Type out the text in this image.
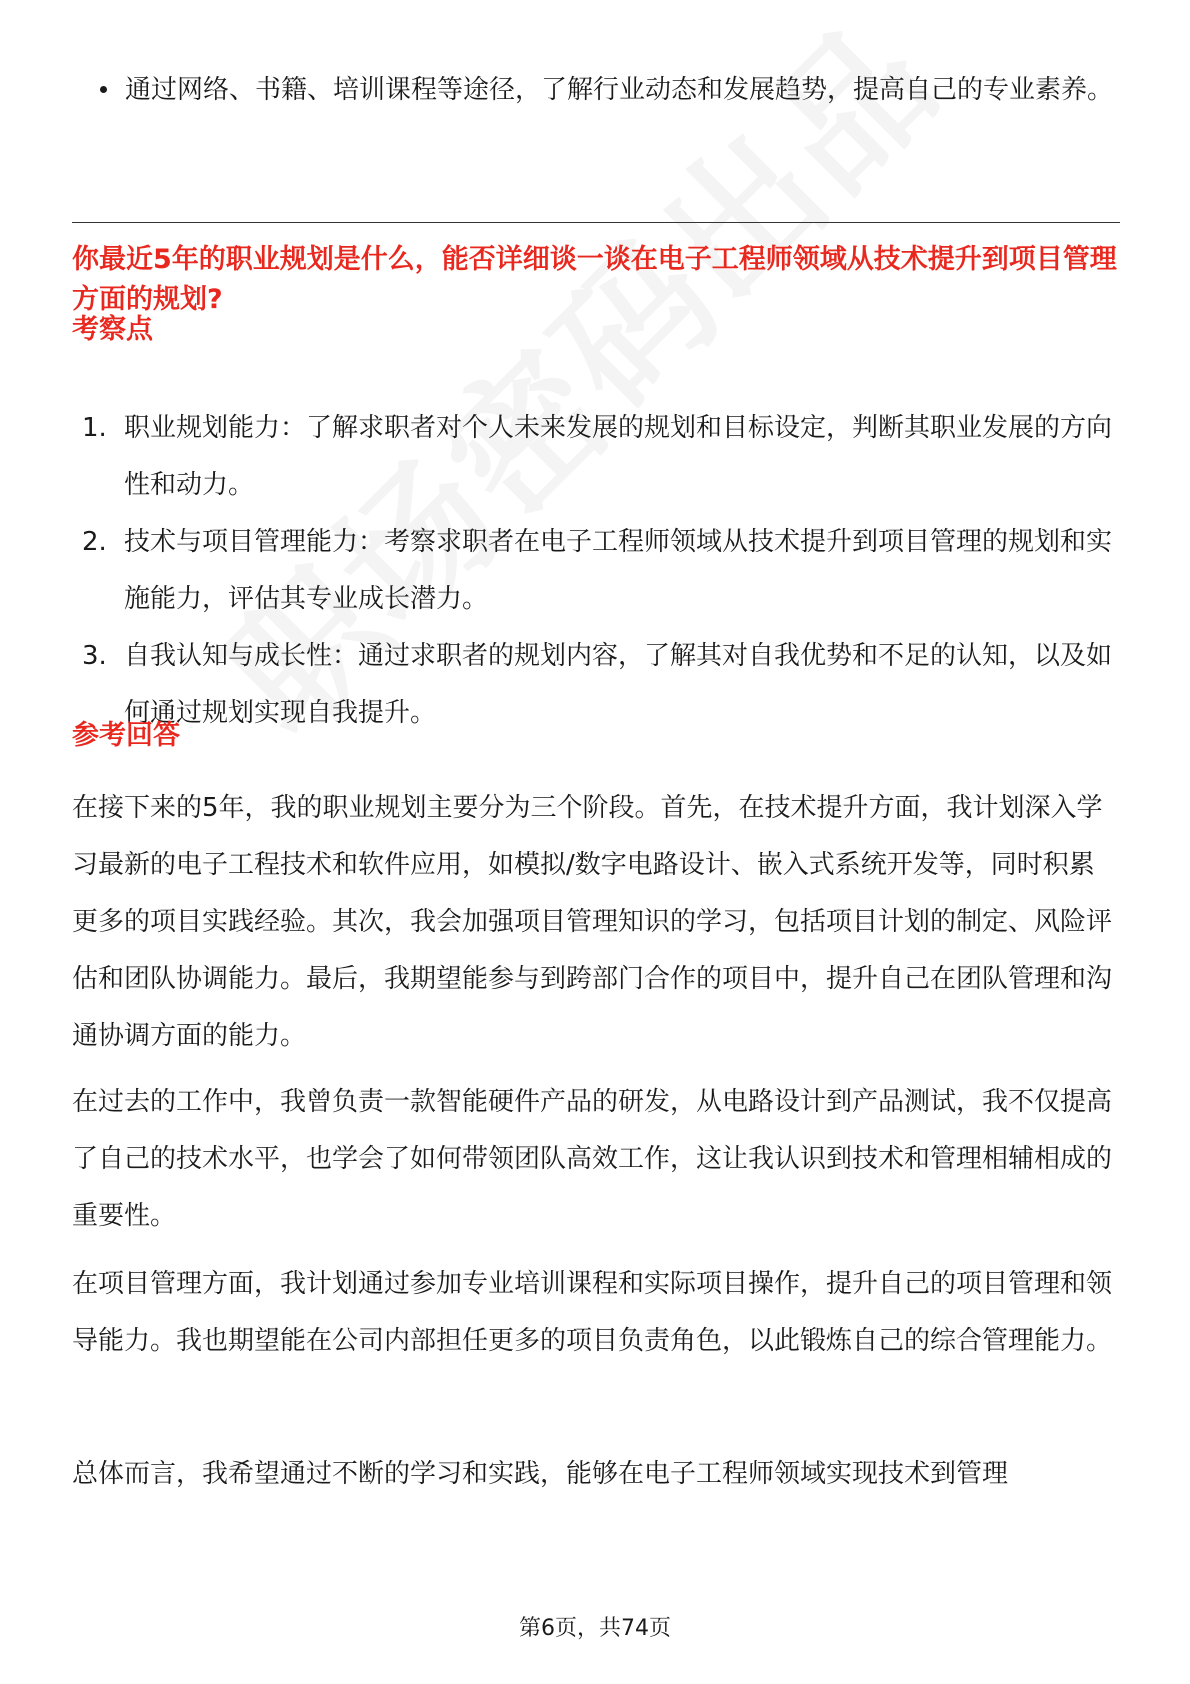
通过网络、书籍、培训课程等途径，了解行业动态和发展趋势，提高自己的专业素养。
你最近5年的职业规划是什么，能否详细谈一谈在电子工程师领域从技术提升到项目管理方面的规划?
考察点
1. 职业规划能力：了解求职者对个人未来发展的规划和目标设定，判断其职业发展的方向性和动力。
2. 技术与项目管理能力：考察求职者在电子工程师领域从技术提升到项目管理的规划和实施能力，评估其专业成长潜力。
3. 自我认知与成长性：通过求职者的规划内容，了解其对自我优势和不足的认知，以及如何通过规划实现自我提升。
参考回答
在接下来的5年，我的职业规划主要分为三个阶段。首先，在技术提升方面，我计划深入学习最新的电子工程技术和软件应用，如模拟/数字电路设计、嵌入式系统开发等，同时积累更多的项目实践经验。其次，我会加强项目管理知识的学习，包括项目计划的制定、风险评估和团队协调能力。最后，我期望能参与到跨部门合作的项目中，提升自己在团队管理和沟通协调方面的能力。
在过去的工作中，我曾负责一款智能硬件产品的研发，从电路设计到产品测试，我不仅提高了自己的技术水平，也学会了如何带领团队高效工作，这让我认识到技术和管理相辅相成的重要性。
在项目管理方面，我计划通过参加专业培训课程和实际项目操作，提升自己的项目管理和领导能力。我也期望能在公司内部担任更多的项目负责角色，以此锻炼自己的综合管理能力。
总体而言，我希望通过不断的学习和实践，能够在电子工程师领域实现技术到管理
第6页，共74页
